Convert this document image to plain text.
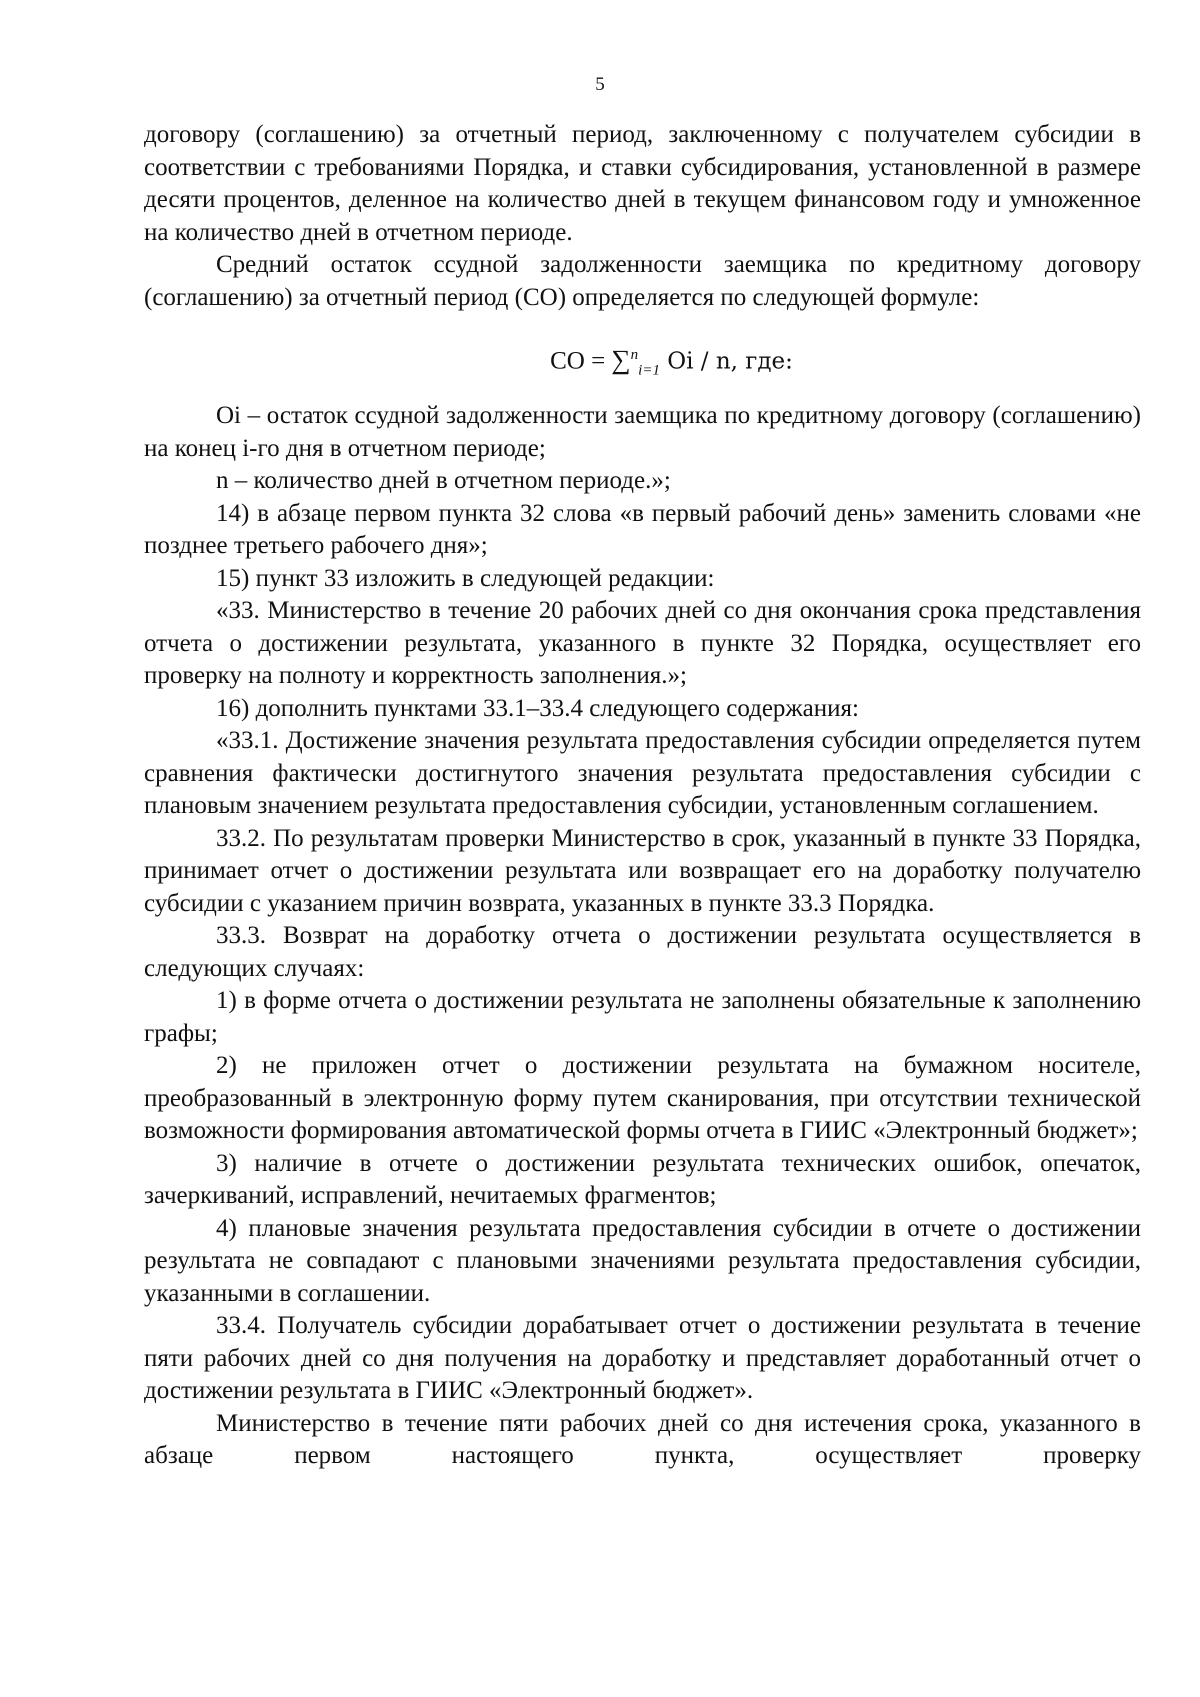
5

договору (соглашению) за отчетный период, заключенному с получателем субсидии в соответствии с требованиями Порядка, и ставки субсидирования, установленной в размере десяти процентов, деленное на количество дней в текущем финансовом году и умноженное на количество дней в отчетном периоде.

Средний остаток ссудной задолженности заемщика по кредитному договору (соглашению) за отчетный период (СО) определяется по следующей формуле:

СО = ∑$^n_{i=1}$ Oi / n, где:

Oi – остаток ссудной задолженности заемщика по кредитному договору (соглашению) на конец i-го дня в отчетном периоде;

n – количество дней в отчетном периоде.»;

14) в абзаце первом пункта 32 слова «в первый рабочий день» заменить словами «не позднее третьего рабочего дня»;

15) пункт 33 изложить в следующей редакции:

«33. Министерство в течение 20 рабочих дней со дня окончания срока представления отчета о достижении результата, указанного в пункте 32 Порядка, осуществляет его проверку на полноту и корректность заполнения.»;

16) дополнить пунктами 33.1–33.4 следующего содержания:

«33.1. Достижение значения результата предоставления субсидии определяется путем сравнения фактически достигнутого значения результата предоставления субсидии с плановым значением результата предоставления субсидии, установленным соглашением.

33.2. По результатам проверки Министерство в срок, указанный в пункте 33 Порядка, принимает отчет о достижении результата или возвращает его на доработку получателю субсидии с указанием причин возврата, указанных в пункте 33.3 Порядка.

33.3. Возврат на доработку отчета о достижении результата осуществляется в следующих случаях:

1) в форме отчета о достижении результата не заполнены обязательные к заполнению графы;

2) не приложен отчет о достижении результата на бумажном носителе, преобразованный в электронную форму путем сканирования, при отсутствии технической возможности формирования автоматической формы отчета в ГИИС «Электронный бюджет»;

3) наличие в отчете о достижении результата технических ошибок, опечаток, зачеркиваний, исправлений, нечитаемых фрагментов;

4) плановые значения результата предоставления субсидии в отчете о достижении результата не совпадают с плановыми значениями результата предоставления субсидии, указанными в соглашении.

33.4. Получатель субсидии дорабатывает отчет о достижении результата в течение пяти рабочих дней со дня получения на доработку и представляет доработанный отчет о достижении результата в ГИИС «Электронный бюджет».

Министерство в течение пяти рабочих дней со дня истечения срока, указанного в абзаце первом настоящего пункта, осуществляет проверку
